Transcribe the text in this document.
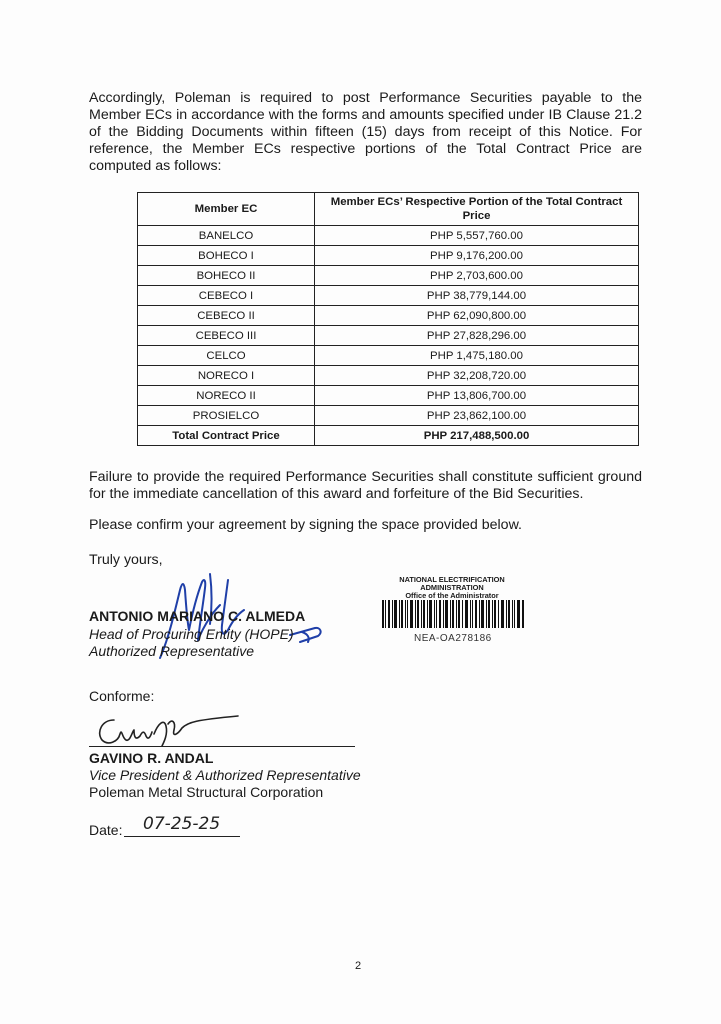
Accordingly, Poleman is required to post Performance Securities payable to the Member ECs in accordance with the forms and amounts specified under IB Clause 21.2 of the Bidding Documents within fifteen (15) days from receipt of this Notice. For reference, the Member ECs respective portions of the Total Contract Price are computed as follows:
Member EC	Member ECs’ Respective Portion of the Total Contract Price
BANELCO	PHP 5,557,760.00
BOHECO I	PHP 9,176,200.00
BOHECO II	PHP 2,703,600.00
CEBECO I	PHP 38,779,144.00
CEBECO II	PHP 62,090,800.00
CEBECO III	PHP 27,828,296.00
CELCO	PHP 1,475,180.00
NORECO I	PHP 32,208,720.00
NORECO II	PHP 13,806,700.00
PROSIELCO	PHP 23,862,100.00
Total Contract Price	PHP 217,488,500.00
Failure to provide the required Performance Securities shall constitute sufficient ground for the immediate cancellation of this award and forfeiture of the Bid Securities.
Please confirm your agreement by signing the space provided below.
Truly yours,
ANTONIO MARIANO C. ALMEDA
Head of Procuring Entity (HOPE)
Authorized Representative
NATIONAL ELECTRIFICATION
ADMINISTRATION
Office of the Administrator
NEA-OA278186
Conforme:
GAVINO R. ANDAL
Vice President & Authorized Representative
Poleman Metal Structural Corporation
Date: 07-25-25
2
